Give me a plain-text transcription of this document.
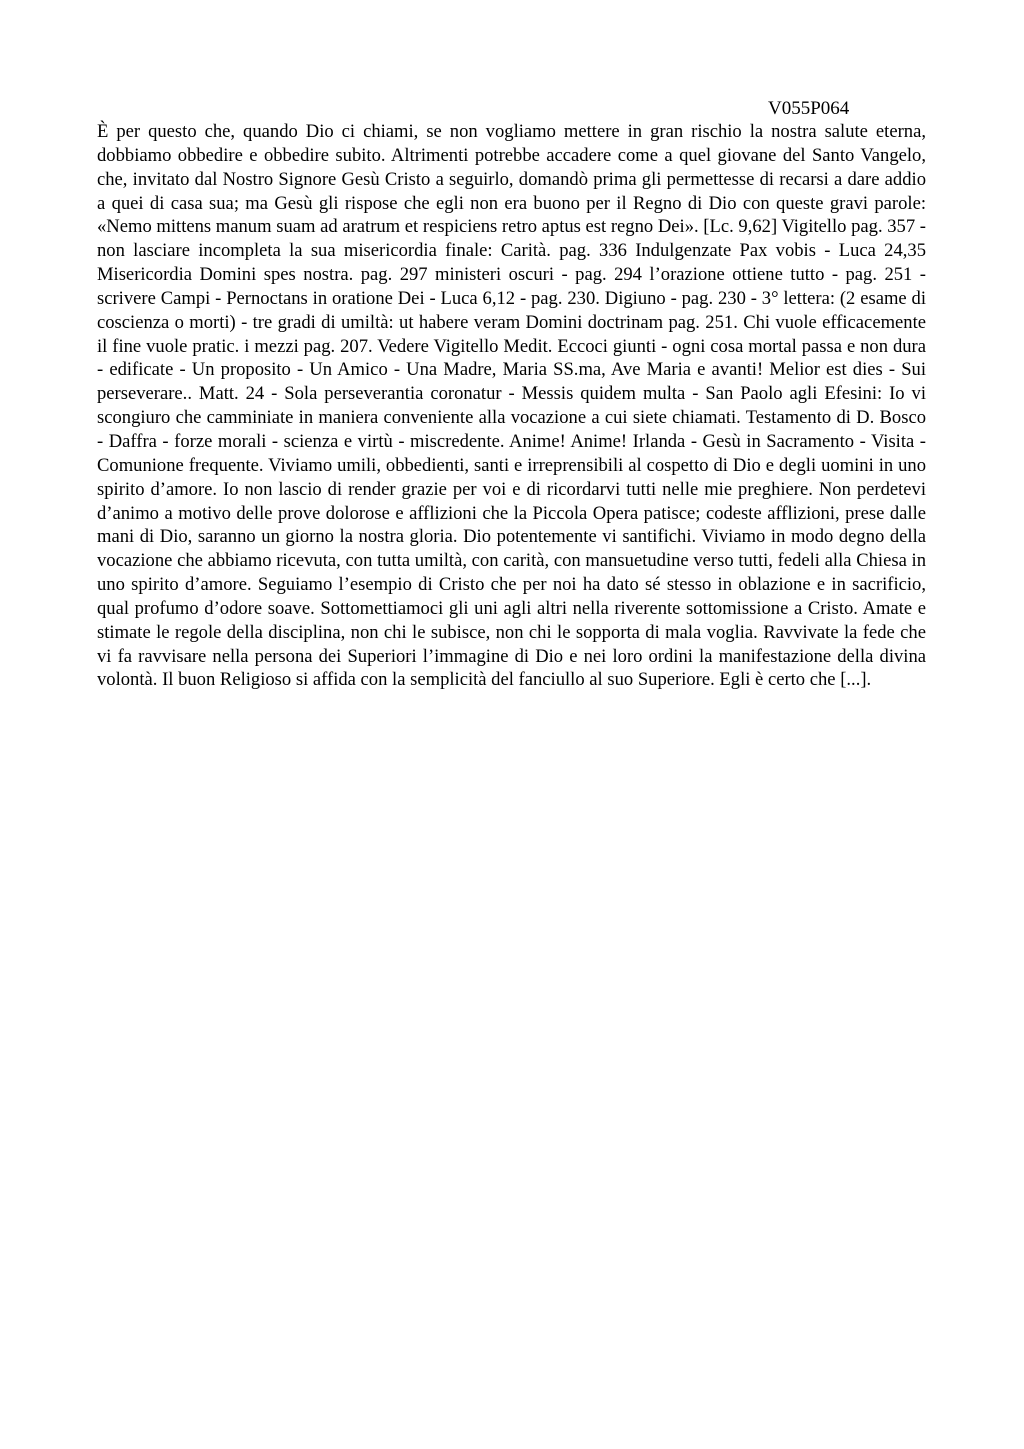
V055P064

È per questo che, quando Dio ci chiami, se non vogliamo mettere in gran rischio la nostra salute eterna, dobbiamo obbedire e obbedire subito. Altrimenti potrebbe accadere come a quel giovane del Santo Vangelo, che, invitato dal Nostro Signore Gesù Cristo a seguirlo, domandò prima gli permettesse di recarsi a dare addio a quei di casa sua; ma Gesù gli rispose che egli non era buono per il Regno di Dio con queste gravi parole: «Nemo mittens manum suam ad aratrum et respiciens retro aptus est regno Dei». [Lc. 9,62] Vigitello pag. 357 - non lasciare incompleta la sua misericordia finale: Carità. pag. 336 Indulgenzate Pax vobis - Luca 24,35 Misericordia Domini spes nostra. pag. 297 ministeri oscuri - pag. 294 l’orazione ottiene tutto - pag. 251 - scrivere Campi - Pernoctans in oratione Dei - Luca 6,12 - pag. 230. Digiuno - pag. 230 - 3° lettera: (2 esame di coscienza o morti) - tre gradi di umiltà: ut habere veram Domini doctrinam pag. 251. Chi vuole efficacemente il fine vuole pratic. i mezzi pag. 207. Vedere Vigitello Medit. Eccoci giunti - ogni cosa mortal passa e non dura - edificate - Un proposito - Un Amico - Una Madre, Maria SS.ma, Ave Maria e avanti! Melior est dies - Sui perseverare.. Matt. 24 - Sola perseverantia coronatur - Messis quidem multa - San Paolo agli Efesini: Io vi scongiuro che camminiate in maniera conveniente alla vocazione a cui siete chiamati. Testamento di D. Bosco - Daffra - forze morali - scienza e virtù - miscredente. Anime! Anime! Irlanda - Gesù in Sacramento - Visita - Comunione frequente. Viviamo umili, obbedienti, santi e irreprensibili al cospetto di Dio e degli uomini in uno spirito d’amore. Io non lascio di render grazie per voi e di ricordarvi tutti nelle mie preghiere. Non perdetevi d’animo a motivo delle prove dolorose e afflizioni che la Piccola Opera patisce; codeste afflizioni, prese dalle mani di Dio, saranno un giorno la nostra gloria. Dio potentemente vi santifichi. Viviamo in modo degno della vocazione che abbiamo ricevuta, con tutta umiltà, con carità, con mansuetudine verso tutti, fedeli alla Chiesa in uno spirito d’amore. Seguiamo l’esempio di Cristo che per noi ha dato sé stesso in oblazione e in sacrificio, qual profumo d’odore soave. Sottomettiamoci gli uni agli altri nella riverente sottomissione a Cristo. Amate e stimate le regole della disciplina, non chi le subisce, non chi le sopporta di mala voglia. Ravvivate la fede che vi fa ravvisare nella persona dei Superiori l’immagine di Dio e nei loro ordini la manifestazione della divina volontà. Il buon Religioso si affida con la semplicità del fanciullo al suo Superiore. Egli è certo che [...].
